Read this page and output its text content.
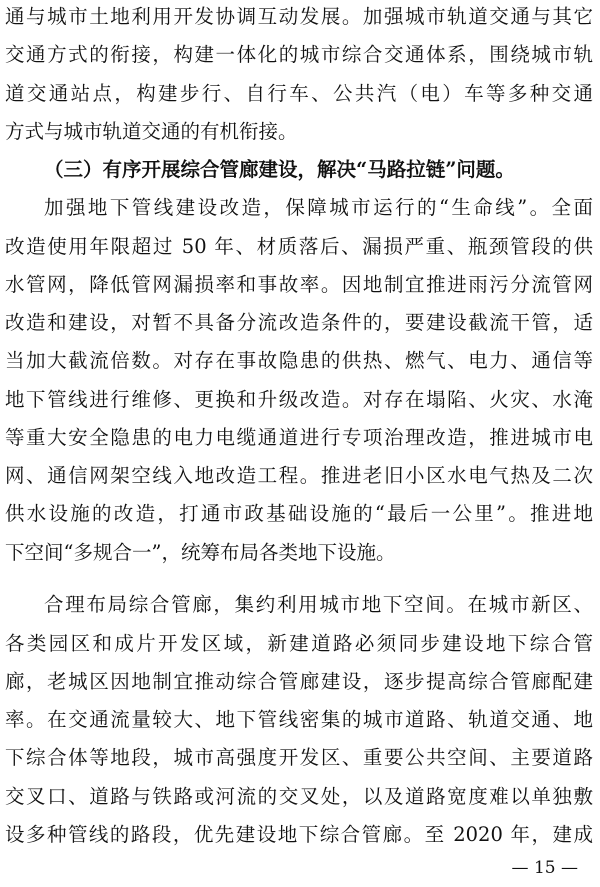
通与城市土地利用开发协调互动发展。加强城市轨道交通与其它
交通方式的衔接，构建一体化的城市综合交通体系，围绕城市轨
道交通站点，构建步行、自行车、公共汽（电）车等多种交通
方式与城市轨道交通的有机衔接。
（三）有序开展综合管廊建设，解决“马路拉链”问题。
加强地下管线建设改造，保障城市运行的“生命线”。全面
改造使用年限超过 50 年、材质落后、漏损严重、瓶颈管段的供
水管网，降低管网漏损率和事故率。因地制宜推进雨污分流管网
改造和建设，对暂不具备分流改造条件的，要建设截流干管，适
当加大截流倍数。对存在事故隐患的供热、燃气、电力、通信等
地下管线进行维修、更换和升级改造。对存在塌陷、火灾、水淹
等重大安全隐患的电力电缆通道进行专项治理改造，推进城市电
网、通信网架空线入地改造工程。推进老旧小区水电气热及二次
供水设施的改造，打通市政基础设施的“最后一公里”。推进地
下空间“多规合一”，统筹布局各类地下设施。
合理布局综合管廊，集约利用城市地下空间。在城市新区、
各类园区和成片开发区域，新建道路必须同步建设地下综合管
廊，老城区因地制宜推动综合管廊建设，逐步提高综合管廊配建
率。在交通流量较大、地下管线密集的城市道路、轨道交通、地
下综合体等地段，城市高强度开发区、重要公共空间、主要道路
交叉口、道路与铁路或河流的交叉处，以及道路宽度难以单独敷
设多种管线的路段，优先建设地下综合管廊。至 2020 年，建成
— 15 —
